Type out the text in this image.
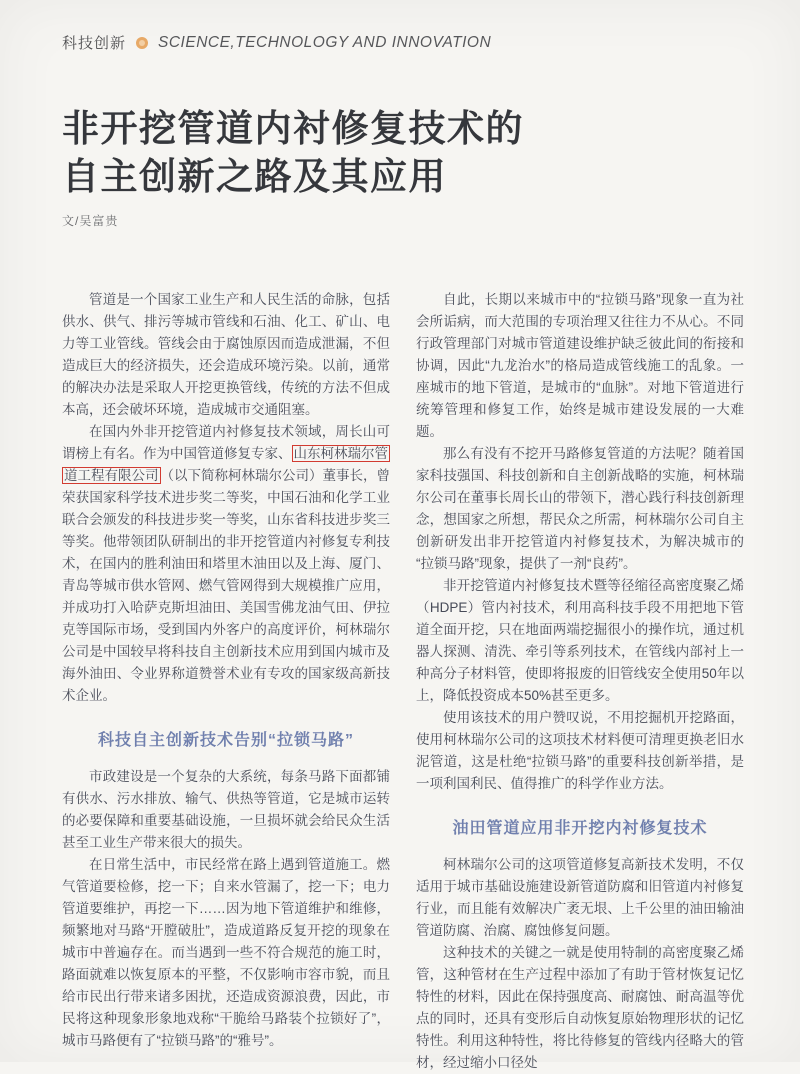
科技创新 SCIENCE,TECHNOLOGY AND INNOVATION
非开挖管道内衬修复技术的
自主创新之路及其应用
文/吴富贵

管道是一个国家工业生产和人民生活的命脉，包括供水、供气、排污等城市管线和石油、化工、矿山、电力等工业管线。管线会由于腐蚀原因而造成泄漏，不但造成巨大的经济损失，还会造成环境污染。以前，通常的解决办法是采取人开挖更换管线，传统的方法不但成本高，还会破坏环境，造成城市交通阻塞。

在国内外非开挖管道内衬修复技术领域，周长山可谓榜上有名。作为中国管道修复专家、 山东柯林瑞尔管道工程有限公司 （以下简称柯林瑞尔公司）董事长，曾荣获国家科学技术进步奖二等奖，中国石油和化学工业联合会颁发的科技进步奖一等奖，山东省科技进步奖三等奖。他带领团队研制出的非开挖管道内衬修复专利技术，在国内的胜利油田和塔里木油田以及上海、厦门、青岛等城市供水管网、燃气管网得到大规模推广应用，并成功打入哈萨克斯坦油田、美国雪佛龙油气田、伊拉克等国际市场，受到国内外客户的高度评价，柯林瑞尔公司是中国较早将科技自主创新技术应用到国内城市及海外油田、令业界称道赞誉术业有专攻的国家级高新技术企业。

科技自主创新技术告别“拉锁马路”

市政建设是一个复杂的大系统，每条马路下面都铺有供水、污水排放、输气、供热等管道，它是城市运转的必要保障和重要基础设施，一旦损坏就会给民众生活甚至工业生产带来很大的损失。

在日常生活中，市民经常在路上遇到管道施工。燃气管道要检修，挖一下；自来水管漏了，挖一下；电力管道要维护，再挖一下……因为地下管道维护和维修，频繁地对马路“开膛破肚”，造成道路反复开挖的现象在城市中普遍存在。而当遇到一些不符合规范的施工时，路面就难以恢复原本的平整，不仅影响市容市貌，而且给市民出行带来诸多困扰，还造成资源浪费，因此，市民将这种现象形象地戏称“干脆给马路装个拉锁好了”，城市马路便有了“拉锁马路”的“雅号”。

自此，长期以来城市中的“拉锁马路”现象一直为社会所诟病，而大范围的专项治理又往往力不从心。不同行政管理部门对城市管道建设维护缺乏彼此间的衔接和协调，因此“九龙治水”的格局造成管线施工的乱象。一座城市的地下管道，是城市的“血脉”。对地下管道进行统筹管理和修复工作，始终是城市建设发展的一大难题。

那么有没有不挖开马路修复管道的方法呢？随着国家科技强国、科技创新和自主创新战略的实施，柯林瑞尔公司在董事长周长山的带领下，潜心践行科技创新理念，想国家之所想，帮民众之所需，柯林瑞尔公司自主创新研发出非开挖管道内衬修复技术，为解决城市的“拉锁马路”现象，提供了一剂“良药”。

非开挖管道内衬修复技术暨等径缩径高密度聚乙烯（HDPE）管内衬技术，利用高科技手段不用把地下管道全面开挖，只在地面两端挖掘很小的操作坑，通过机器人探测、清洗、牵引等系列技术，在管线内部衬上一种高分子材料管，使即将报废的旧管线安全使用50年以上，降低投资成本50%甚至更多。

使用该技术的用户赞叹说，不用挖掘机开挖路面，使用柯林瑞尔公司的这项技术材料便可清理更换老旧水泥管道，这是杜绝“拉锁马路”的重要科技创新举措，是一项利国利民、值得推广的科学作业方法。

油田管道应用非开挖内衬修复技术

柯林瑞尔公司的这项管道修复高新技术发明，不仅适用于城市基础设施建设新管道防腐和旧管道内衬修复行业，而且能有效解决广袤无垠、上千公里的油田输油管道防腐、治腐、腐蚀修复问题。

这种技术的关键之一就是使用特制的高密度聚乙烯管，这种管材在生产过程中添加了有助于管材恢复记忆特性的材料，因此在保持强度高、耐腐蚀、耐高温等优点的同时，还具有变形后自动恢复原始物理形状的记忆特性。利用这种特性，将比待修复的管线内径略大的管材，经过缩小口径处
